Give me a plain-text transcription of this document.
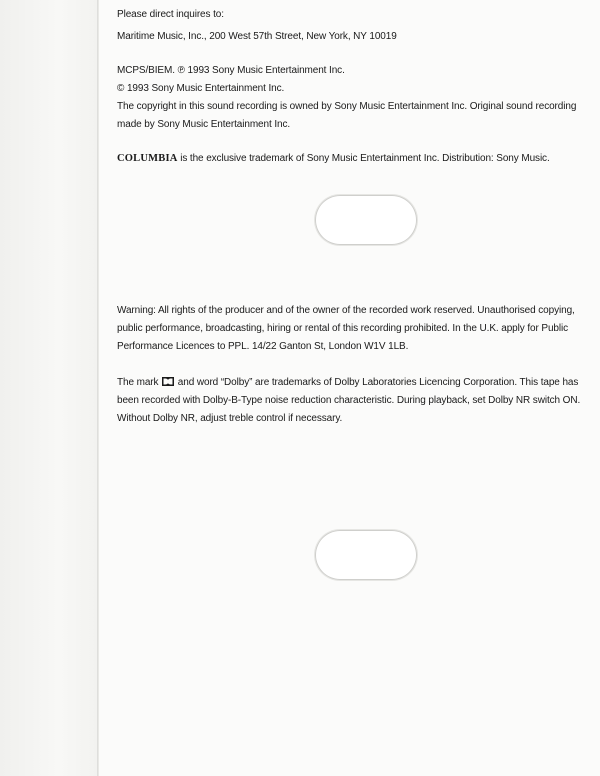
Please direct inquires to:

Maritime Music, Inc., 200 West 57th Street, New York, NY 10019

MCPS/BIEM. ℗ 1993 Sony Music Entertainment Inc.

© 1993 Sony Music Entertainment Inc.

The copyright in this sound recording is owned by Sony Music Entertainment Inc. Original sound recording made by Sony Music Entertainment Inc.

COLUMBIA is the exclusive trademark of Sony Music Entertainment Inc. Distribution: Sony Music.

Warning: All rights of the producer and of the owner of the recorded work reserved. Unauthorised copying, public performance, broadcasting, hiring or rental of this recording prohibited. In the U.K. apply for Public Performance Licences to PPL. 14/22 Ganton St, London W1V 1LB.

The mark  and word “Dolby” are trademarks of Dolby Laboratories Licencing Corporation. This tape has been recorded with Dolby-B-Type noise reduction characteristic. During playback, set Dolby NR switch ON. Without Dolby NR, adjust treble control if necessary.
